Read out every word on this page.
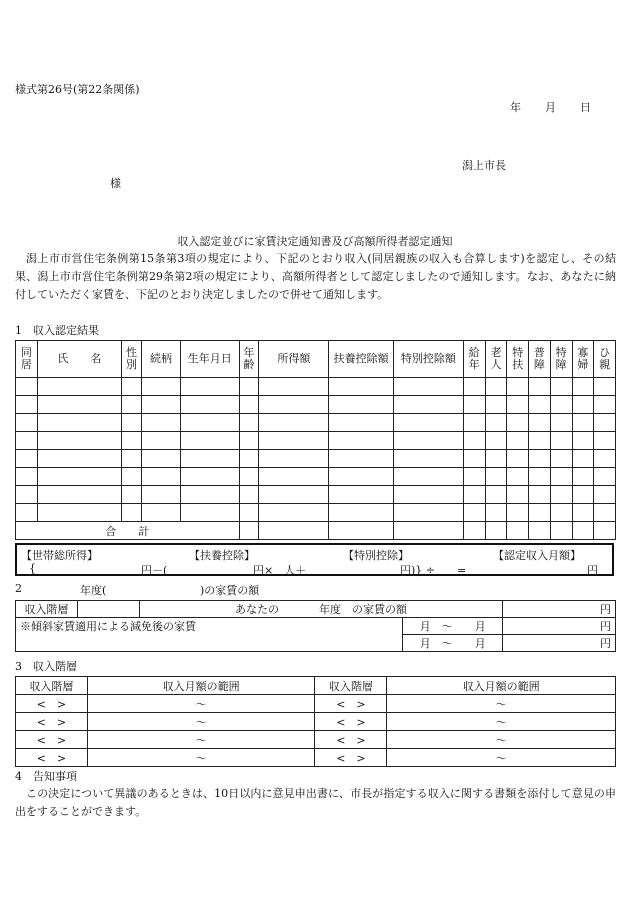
様式第26号(第22条関係)
年 月 日
潟上市長
様
収入認定並びに家賃決定通知書及び高額所得者認定通知
潟上市市営住宅条例第15条第3項の規定により、下記のとおり収入(同居親族の収入も合算します)を認定し、その結果、潟上市市営住宅条例第29条第2項の規定により、高額所得者として認定しましたので通知します。なお、あなたに納付していただく家賃を、下記のとおり決定しましたので併せて通知します。
1　収入認定結果
同居	氏　　名	性別	続柄	生年月日	年齢	所得額	扶養控除額	特別控除額	給年	老人	特扶	普障	特障	寡婦	ひ親

合　　計															
【世帯総所得】	【扶養控除】	【特別控除】	【認定収入月額】
{	円－(	円×　人＋	円)} ÷　　=	円
2	年度(	)の家賃の額
収入階層		あなたの 年度　の家賃の額		円
※傾斜家賃適用による減免後の家賃			月　～　　月	円
			月　～　　月	円
3　収入階層
収入階層	収入月額の範囲	収入階層	収入月額の範囲
<　>	～	<　>	～
<　>	～	<　>	～
<　>	～	<　>	～
<　>	～	<　>	～
4　告知事項
この決定について異議のあるときは、10日以内に意見申出書に、市長が指定する収入に関する書類を添付して意見の申出をすることができます。
